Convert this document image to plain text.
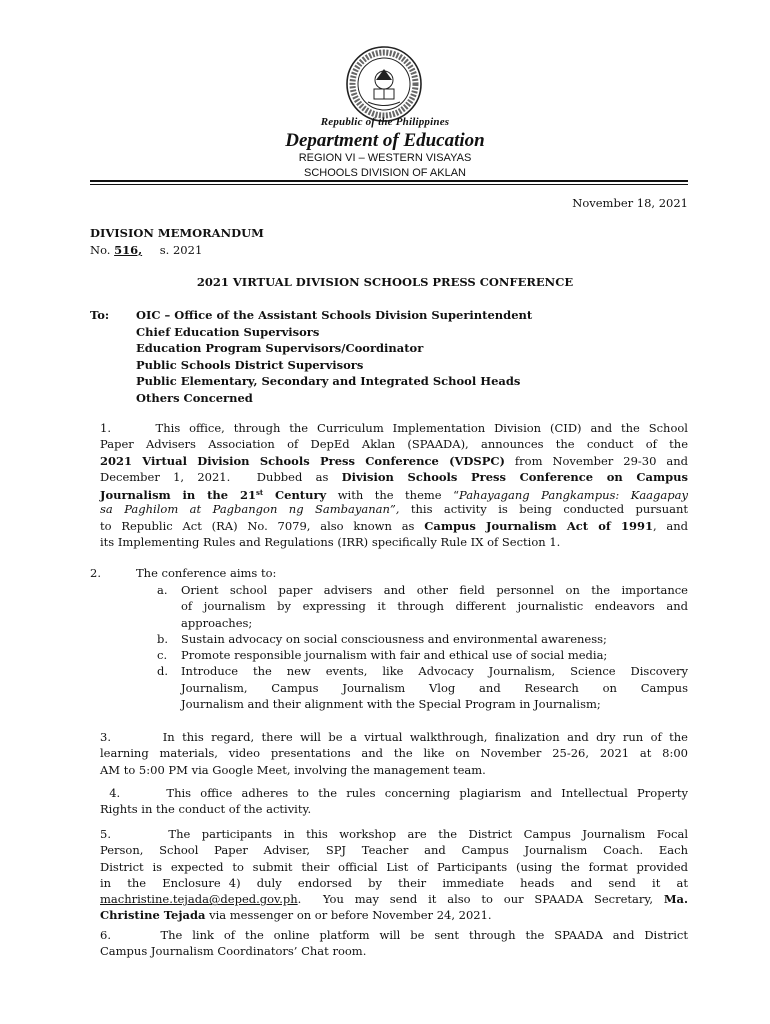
Republic of the Philippines
Department of Education
REGION VI – WESTERN VISAYAS
SCHOOLS DIVISION OF AKLAN
November 18, 2021
DIVISION MEMORANDUM
No. 516, s. 2021
2021 VIRTUAL DIVISION SCHOOLS PRESS CONFERENCE
To: OIC – Office of the Assistant Schools Division Superintendent
Chief Education Supervisors
Education Program Supervisors/Coordinator
Public Schools District Supervisors
Public Elementary, Secondary and Integrated School Heads
Others Concerned
1.     This office, through the Curriculum Implementation Division (CID) and the School
Paper Advisers Association of DepEd Aklan (SPAADA), announces the conduct of the
2021 Virtual Division Schools Press Conference (VDSPC) from November 29-30 and
December 1, 2021.  Dubbed as Division Schools Press Conference on Campus
Journalism in the 21st Century with the theme “Pahayagang Pangkampus: Kaagapay
sa Paghilom at Pagbangon ng Sambayanan”, this activity is being conducted pursuant
to Republic Act (RA) No. 7079, also known as Campus Journalism Act of 1991, and
its Implementing Rules and Regulations (IRR) specifically Rule IX of Section 1.
2.	The conference aims to:
a. Orient school paper advisers and other field personnel on the importance
of journalism by expressing it through different journalistic endeavors and
approaches;
b. Sustain advocacy on social consciousness and environmental awareness;
c. Promote responsible journalism with fair and ethical use of social media;
d. Introduce the new events, like Advocacy Journalism, Science Discovery
Journalism,  Campus  Journalism  Vlog  and  Research  on  Campus
Journalism and their alignment with the Special Program in Journalism;
3.       In this regard, there will be a virtual walkthrough, finalization and dry run of the
learning materials, video presentations and the like on November 25-26, 2021 at 8:00
AM to 5:00 PM via Google Meet, involving the management team.
4.     This office adheres to the rules concerning plagiarism and Intellectual Property
Rights in the conduct of the activity.
5.     The participants in this workshop are the District Campus Journalism Focal
Person, School Paper Adviser, SPJ Teacher and Campus Journalism Coach. Each
District is expected to submit their official List of Participants (using the format provided
in  the  Enclosure 4)  duly  endorsed  by  their  immediate  heads  and  send  it  at
machristine.tejada@deped.gov.ph.  You may send it also to our SPAADA Secretary, Ma.
Christine Tejada via messenger on or before November 24, 2021.
6.     The link of the online platform will be sent through the SPAADA and District
Campus Journalism Coordinators’ Chat room.
